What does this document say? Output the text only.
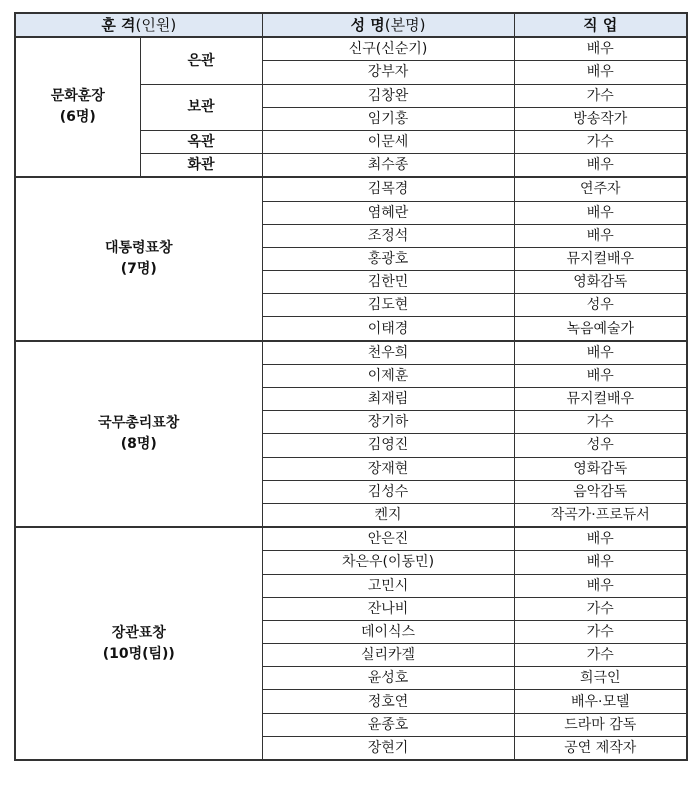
훈 격(인원)		성 명(본명)	직 업

문화훈장
(6명)	은관	신구(신순기)	배우
		강부자	배우
	보관	김창완	가수
		임기홍	방송작가
	옥관	이문세	가수
	화관	최수종	배우

대통령표창
(7명)		김목경	연주자
		염혜란	배우
		조정석	배우
		홍광호	뮤지컬배우
		김한민	영화감독
		김도현	성우
		이태경	녹음예술가

국무총리표창
(8명)		천우희	배우
		이제훈	배우
		최재림	뮤지컬배우
		장기하	가수
		김영진	성우
		장재현	영화감독
		김성수	음악감독
		켄지	작곡가·프로듀서

장관표창
(10명(팀))		안은진	배우
		차은우(이동민)	배우
		고민시	배우
		잔나비	가수
		데이식스	가수
		실리카겔	가수
		윤성호	희극인
		정호연	배우·모델
		윤종호	드라마 감독
		장현기	공연 제작자
